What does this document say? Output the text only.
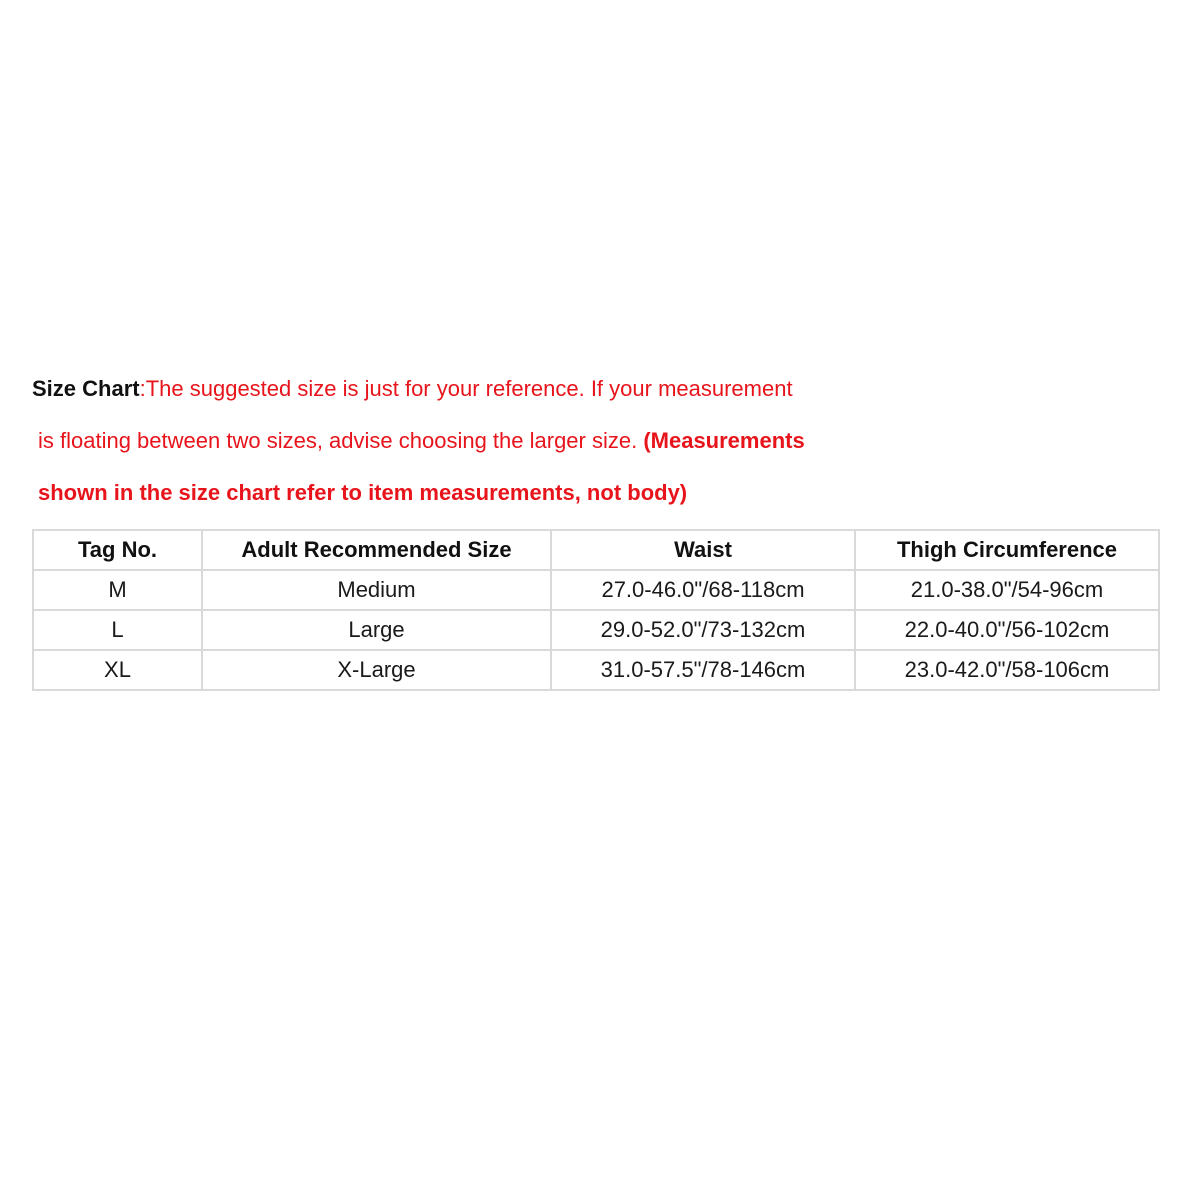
Size Chart:The suggested size is just for your reference. If your measurement
is floating between two sizes, advise choosing the larger size. (Measurements
shown in the size chart refer to item measurements, not body)
Tag No.	Adult Recommended Size	Waist	Thigh Circumference
M	Medium	27.0-46.0"/68-118cm	21.0-38.0"/54-96cm
L	Large	29.0-52.0"/73-132cm	22.0-40.0"/56-102cm
XL	X-Large	31.0-57.5"/78-146cm	23.0-42.0"/58-106cm
